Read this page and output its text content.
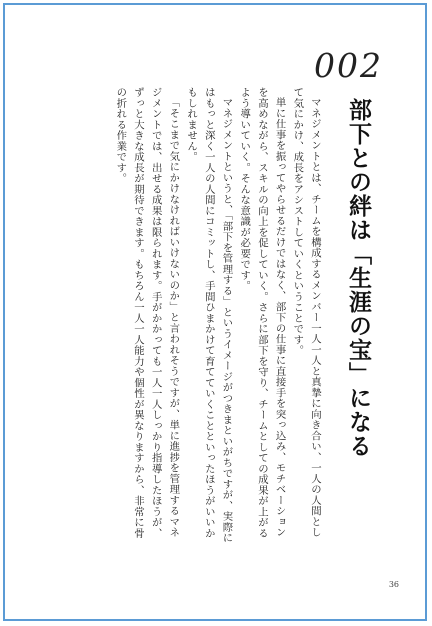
002
部下との絆は「生涯の宝」になる

マネジメントとは、チームを構成するメンバー一人一人と真摯に向き合い、一人の人間として気にかけ、成長をアシストしていくということです。

単に仕事を振ってやらせるだけではなく、部下の仕事に直接手を突っ込み、モチベーションを高めながら、スキルの向上を促していく。さらに部下を守り、チームとしての成果が上がるよう導いていく。そんな意識が必要です。

マネジメントというと、「部下を管理する」というイメージがつきまといがちですが、実際にはもっと深く一人の人間にコミットし、手間ひまかけて育てていくことといったほうがいいかもしれません。

「そこまで気にかけなければいけないのか」と言われそうですが、単に進捗を管理するマネジメントでは、出せる成果は限られます。手がかかっても一人一人しっかり指導したほうが、ずっと大きな成長が期待できます。もちろん一人一人能力や個性が異なりますから、非常に骨の折れる作業です。

36
